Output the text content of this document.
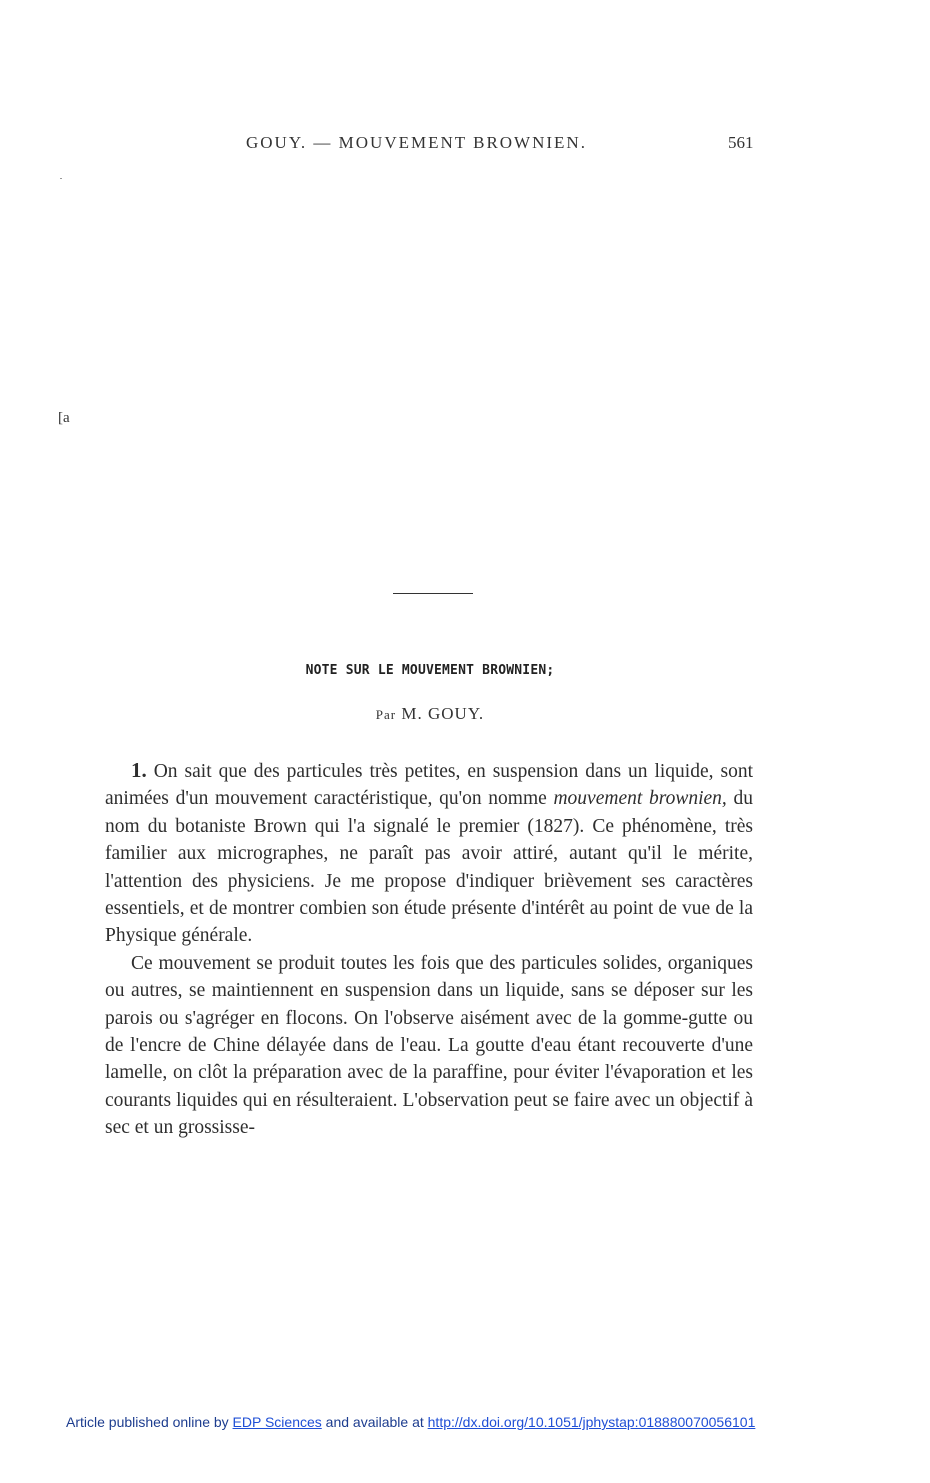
GOUY. — MOUVEMENT BROWNIEN.	561
[a
NOTE SUR LE MOUVEMENT BROWNIEN;
Par M. GOUY.

1. On sait que des particules très petites, en suspension dans un liquide, sont animées d'un mouvement caractéristique, qu'on nomme mouvement brownien, du nom du botaniste Brown qui l'a signalé le premier (1827). Ce phénomène, très familier aux micrographes, ne paraît pas avoir attiré, autant qu'il le mérite, l'attention des physiciens. Je me propose d'indiquer brièvement ses caractères essentiels, et de montrer combien son étude présente d'intérêt au point de vue de la Physique générale.

Ce mouvement se produit toutes les fois que des particules solides, organiques ou autres, se maintiennent en suspension dans un liquide, sans se déposer sur les parois ou s'agréger en flocons. On l'observe aisément avec de la gomme-gutte ou de l'encre de Chine délayée dans de l'eau. La goutte d'eau étant recouverte d'une lamelle, on clôt la préparation avec de la paraffine, pour éviter l'évaporation et les courants liquides qui en résulteraient. L'observation peut se faire avec un objectif à sec et un grossisse-

Article published online by EDP Sciences and available at http://dx.doi.org/10.1051/jphystap:018880070056101
